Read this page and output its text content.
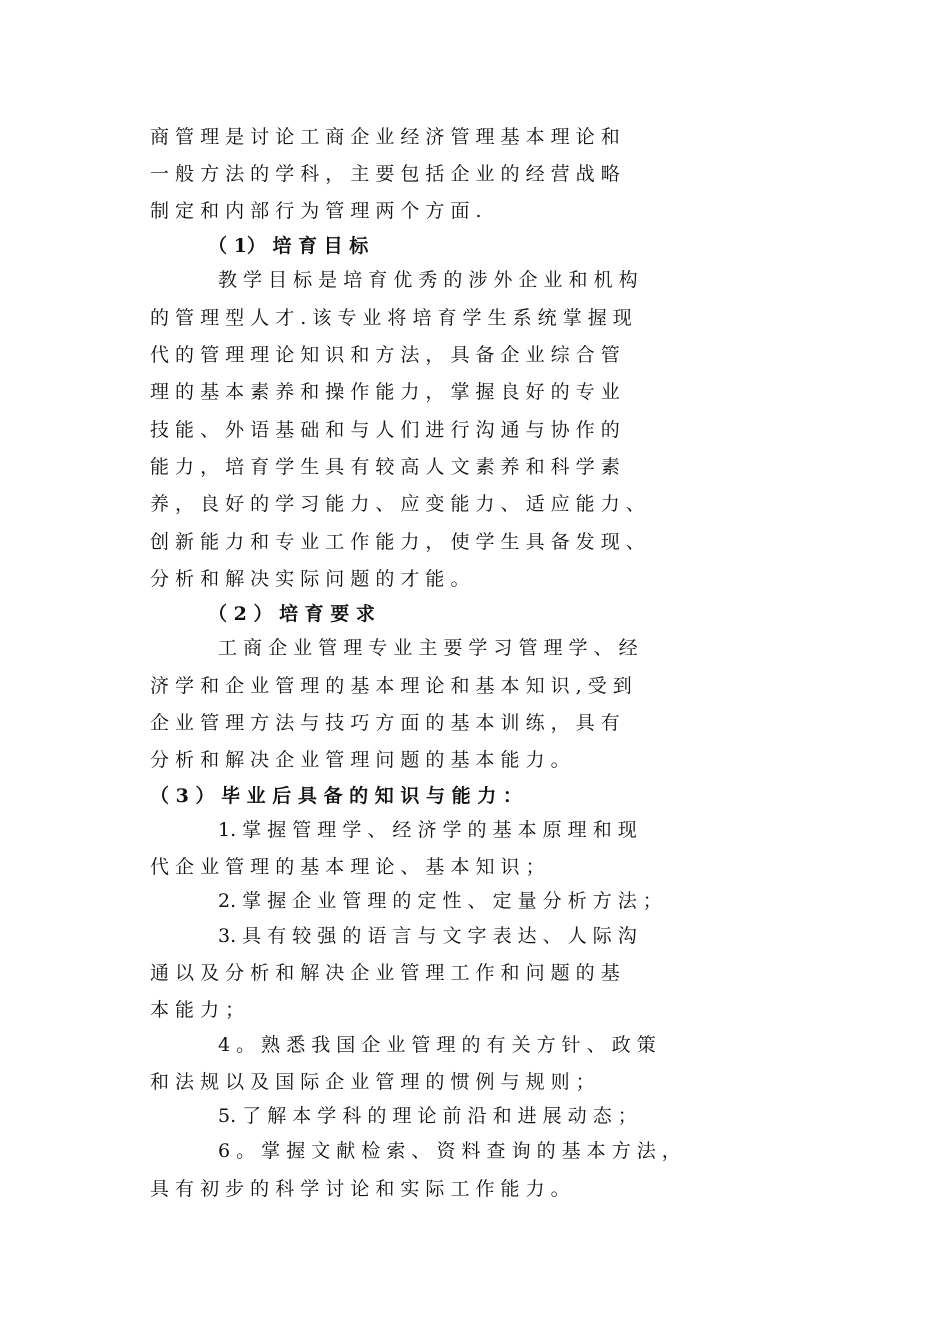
商 管 理 是 讨 论 工 商 企 业 经 济 管 理 基 本 理 论 和
一 般 方 法 的 学 科 ， 主 要 包 括 企 业 的 经 营 战 略
制 定 和 内 部 行 为 管 理 两 个 方 面 .
（ 1） 培 育 目 标
教 学 目 标 是 培 育 优 秀 的 涉 外 企 业 和 机 构
的 管 理 型 人 才 . 该 专 业 将 培 育 学 生 系 统 掌 握 现
代 的 管 理 理 论 知 识 和 方 法 ， 具 备 企 业 综 合 管
理 的 基 本 素 养 和 操 作 能 力 ， 掌 握 良 好 的 专 业
技 能 、 外 语 基 础 和 与 人 们 进 行 沟 通 与 协 作 的
能 力 ， 培 育 学 生 具 有 较 高 人 文 素 养 和 科 学 素
养 ， 良 好 的 学 习 能 力 、 应 变 能 力 、 适 应 能 力 、
创 新 能 力 和 专 业 工 作 能 力 ， 使 学 生 具 备 发 现 、
分 析 和 解 决 实 际 问 题 的 才 能 。
（ 2 ） 培 育 要 求
工 商 企 业 管 理 专 业 主 要 学 习 管 理 学 、 经
济 学 和 企 业 管 理 的 基 本 理 论 和 基 本 知 识 , 受 到
企 业 管 理 方 法 与 技 巧 方 面 的 基 本 训 练 ， 具 有
分 析 和 解 决 企 业 管 理 问 题 的 基 本 能 力 。
（ 3 ） 毕 业 后 具 备 的 知 识 与 能 力 ：
1. 掌 握 管 理 学 、 经 济 学 的 基 本 原 理 和 现
代 企 业 管 理 的 基 本 理 论 、 基 本 知 识 ；
2. 掌 握 企 业 管 理 的 定 性 、 定 量 分 析 方 法 ；
3. 具 有 较 强 的 语 言 与 文 字 表 达 、 人 际 沟
通 以 及 分 析 和 解 决 企 业 管 理 工 作 和 问 题 的 基
本 能 力 ；
4 。 熟 悉 我 国 企 业 管 理 的 有 关 方 针 、 政 策
和 法 规 以 及 国 际 企 业 管 理 的 惯 例 与 规 则 ；
5. 了 解 本 学 科 的 理 论 前 沿 和 进 展 动 态 ；
6 。 掌 握 文 献 检 索 、 资 料 查 询 的 基 本 方 法 ，
具 有 初 步 的 科 学 讨 论 和 实 际 工 作 能 力 。
